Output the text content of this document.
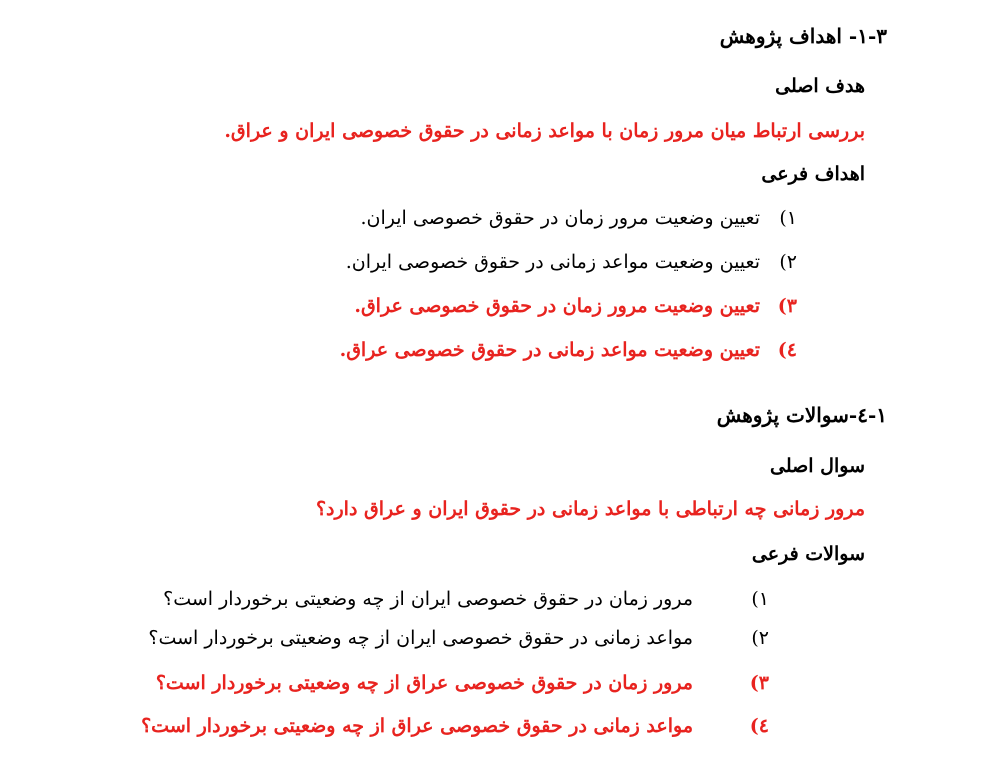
۱-۳- اهداف پژوهش
هدف اصلی
بررسی ارتباط میان مرور زمان با مواعد زمانی در حقوق خصوصی ایران و عراق.
اهداف فرعی
۱)
تعیین وضعیت مرور زمان در حقوق خصوصی ایران.
۲)
تعیین وضعیت مواعد زمانی در حقوق خصوصی ایران.
۳)
تعیین وضعیت مرور زمان در حقوق خصوصی عراق.
٤)
تعیین وضعیت مواعد زمانی در حقوق خصوصی عراق.
۱-٤-سوالات پژوهش
سوال اصلی
مرور زمانی چه ارتباطی با مواعد زمانی در حقوق ایران و عراق دارد؟
سوالات فرعی
۱)
مرور زمان در حقوق خصوصی ایران از چه وضعیتی برخوردار است؟
۲)
مواعد زمانی در حقوق خصوصی ایران از چه وضعیتی برخوردار است؟
۳)
مرور زمان در حقوق خصوصی عراق از چه وضعیتی برخوردار است؟
٤)
مواعد زمانی در حقوق خصوصی عراق از چه وضعیتی برخوردار است؟
